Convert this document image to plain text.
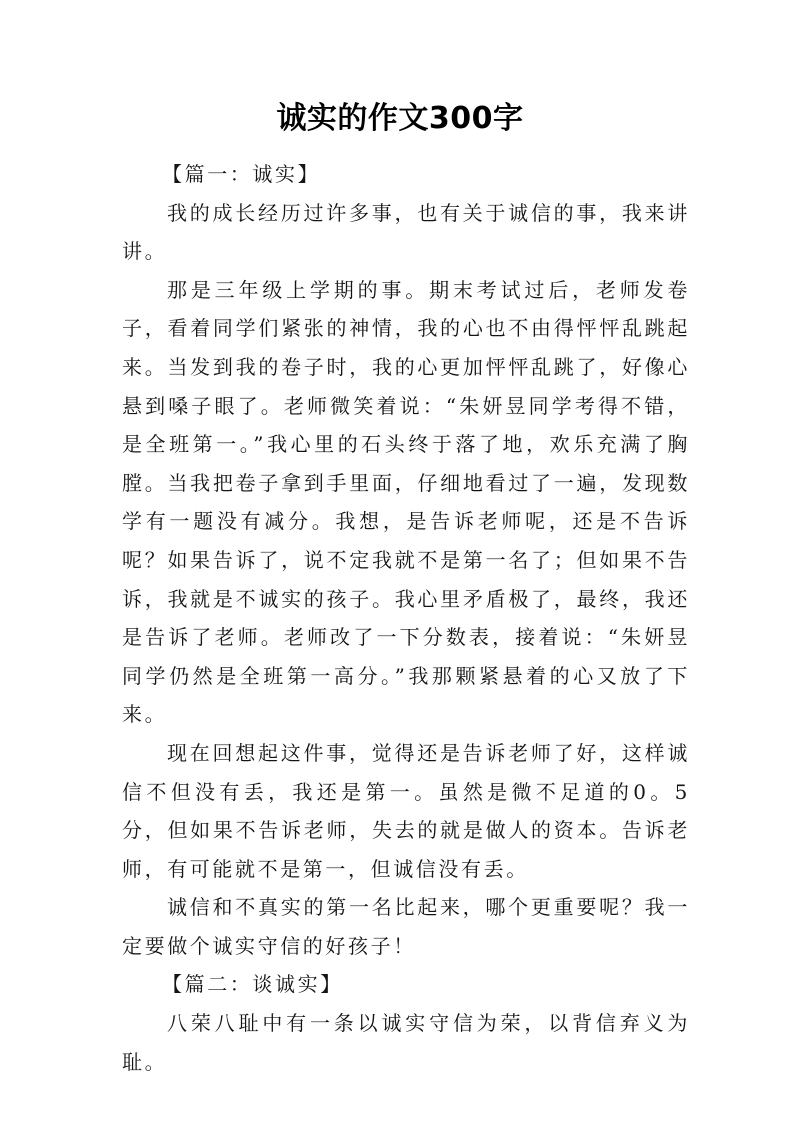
诚实的作文300字

【篇一：诚实】

我的成长经历过许多事，也有关于诚信的事，我来讲讲。

那是三年级上学期的事。期末考试过后，老师发卷子，看着同学们紧张的神情，我的心也不由得怦怦乱跳起来。当发到我的卷子时，我的心更加怦怦乱跳了，好像心悬到嗓子眼了。老师微笑着说：“朱妍昱同学考得不错，是全班第一。”我心里的石头终于落了地，欢乐充满了胸膛。当我把卷子拿到手里面，仔细地看过了一遍，发现数学有一题没有减分。我想，是告诉老师呢，还是不告诉呢？如果告诉了，说不定我就不是第一名了；但如果不告诉，我就是不诚实的孩子。我心里矛盾极了，最终，我还是告诉了老师。老师改了一下分数表，接着说：“朱妍昱同学仍然是全班第一高分。”我那颗紧悬着的心又放了下来。

现在回想起这件事，觉得还是告诉老师了好，这样诚信不但没有丢，我还是第一。虽然是微不足道的0。5分，但如果不告诉老师，失去的就是做人的资本。告诉老师，有可能就不是第一，但诚信没有丢。

诚信和不真实的第一名比起来，哪个更重要呢？我一定要做个诚实守信的好孩子！

【篇二：谈诚实】

八荣八耻中有一条以诚实守信为荣，以背信弃义为耻。
